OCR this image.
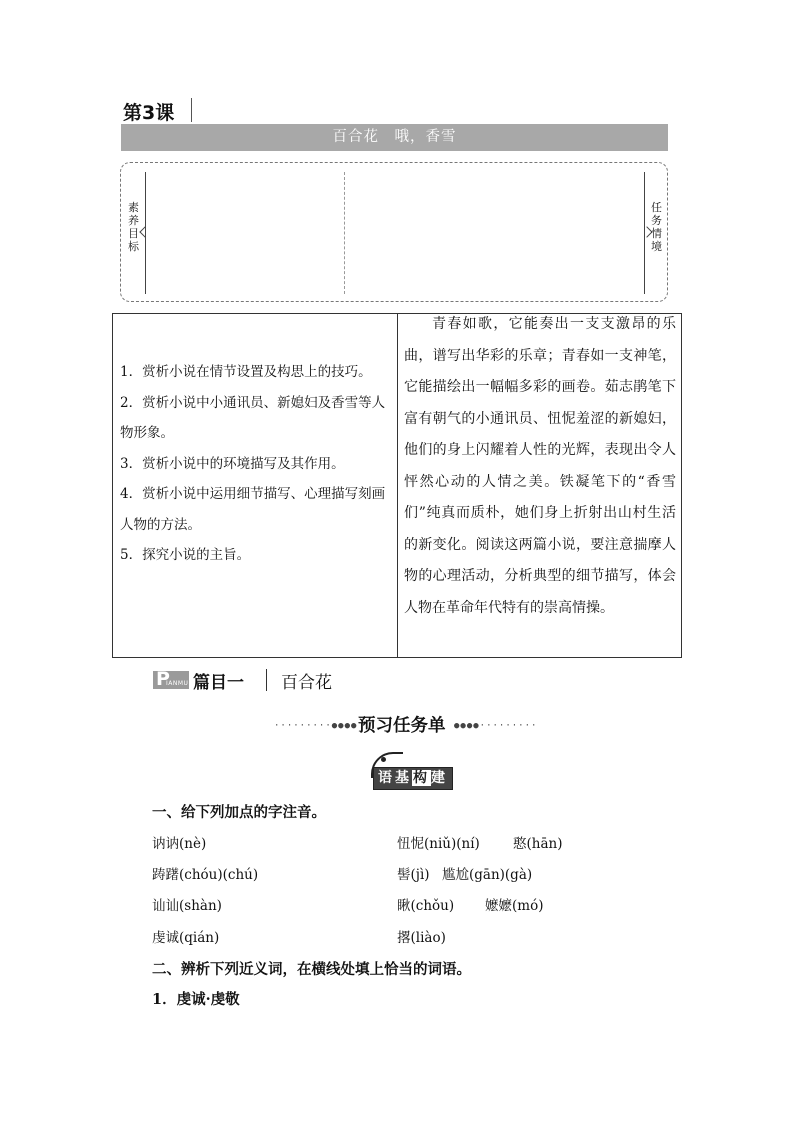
第3课
百合花　哦，香雪
素养目标
任务情境
1．赏析小说在情节设置及构思上的技巧。
2．赏析小说中小通讯员、新媳妇及香雪等人物形象。
3．赏析小说中的环境描写及其作用。
4．赏析小说中运用细节描写、心理描写刻画人物的方法。
5．探究小说的主旨。

青春如歌，它能奏出一支支激昂的乐曲，谱写出华彩的乐章；青春如一支神笔，它能描绘出一幅幅多彩的画卷。茹志鹃笔下富有朝气的小通讯员、忸怩羞涩的新媳妇，他们的身上闪耀着人性的光辉，表现出令人怦然心动的人情之美。铁凝笔下的“香雪们”纯真而质朴，她们身上折射出山村生活的新变化。阅读这两篇小说，要注意揣摩人物的心理活动，分析典型的细节描写，体会人物在革命年代特有的崇高情操。

P
IANMU 篇目一 百合花
·········●●●● 预习任务单 ●●●●·········
语基构建
一、给下列加点的字注音。
讷讷(nè)	忸怩(niǔ)(ní) 憨(hān)
踌躇(chóu)(chú)	髻(jì) 尴尬(gān)(gà)
讪讪(shàn)	瞅(chǒu) 嬷嬷(mó)
虔诚(qián)	撂(liào)
二、辨析下列近义词，在横线处填上恰当的词语。
1．虔诚·虔敬
